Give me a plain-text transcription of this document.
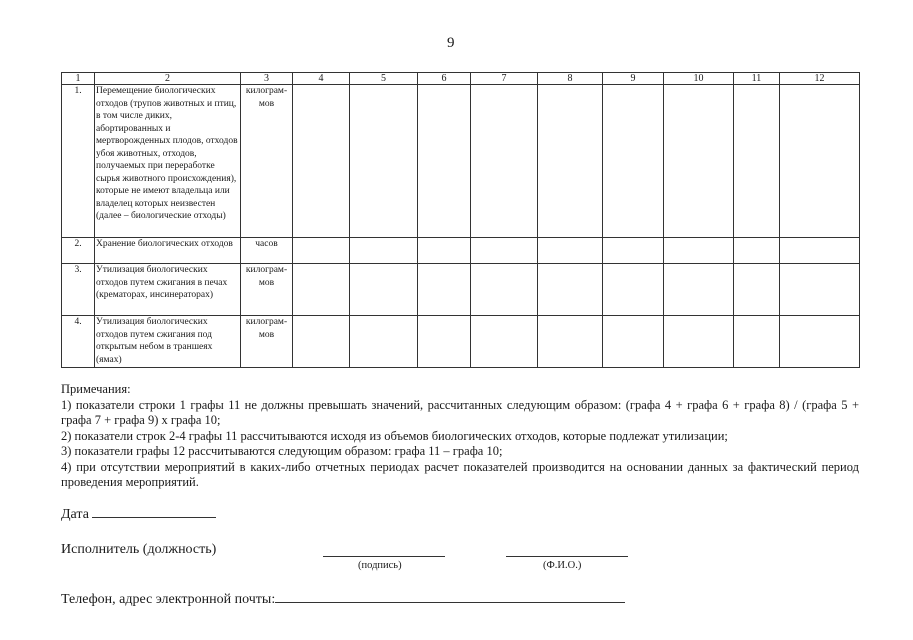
9
1	2	3	4	5	6	7	8	9	10	11	12
1.	Перемещение биологических отходов (трупов животных и птиц, в том числе диких, абортированных и мертворожденных плодов, отходов убоя животных, отходов, получаемых при переработке сырья животного происхождения), которые не имеют владельца или владелец которых неизвестен (далее – биологические отходы)	килограм-мов									
2.	Хранение биологических отходов	часов									
3.	Утилизация биологических отходов путем сжигания в печах (крематорах, инсинераторах)	килограм-мов									
4.	Утилизация биологических отходов путем сжигания под открытым небом в траншеях (ямах)	килограм-мов									

Примечания:

1) показатели строки 1 графы 11 не должны превышать значений, рассчитанных следующим образом: (графа 4 + графа 6 + графа 8) / (графа 5 + графа 7 + графа 9) х графа 10;

2) показатели строк 2-4 графы 11 рассчитываются исходя из объемов биологических отходов, которые подлежат утилизации;

3) показатели графы 12 рассчитываются следующим образом: графа 11 – графа 10;

4) при отсутствии мероприятий в каких-либо отчетных периодах расчет показателей производится на основании данных за фактический период проведения мероприятий.

Дата
Исполнитель (должность)
(подпись)	(Ф.И.О.)
Телефон, адрес электронной почты:
